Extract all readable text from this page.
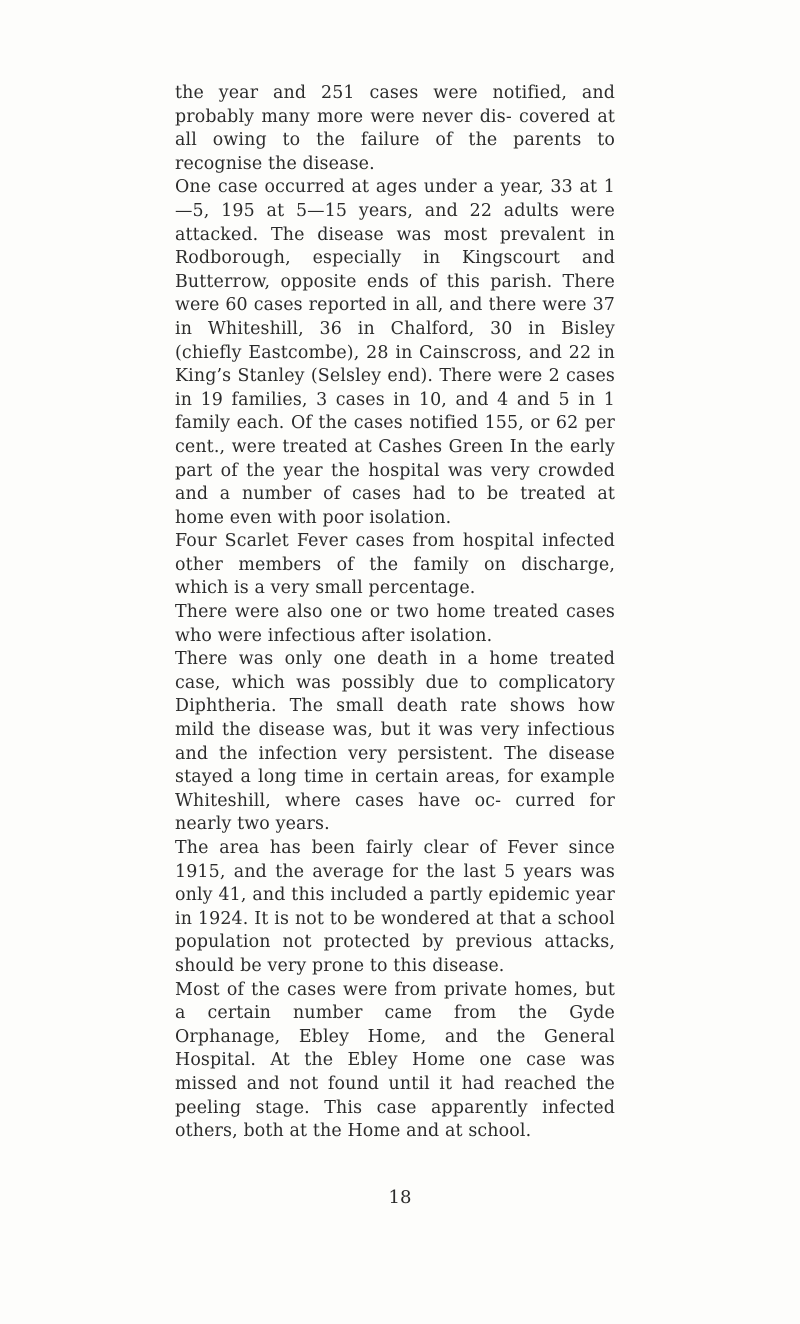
the year and 251 cases were notified, and probably many more were never dis- covered at all owing to the failure of the parents to recognise the disease.

One case occurred at ages under a year, 33 at 1—5, 195 at 5—15 years, and 22 adults were attacked. The disease was most prevalent in Rodborough, especially in Kingscourt and Butterrow, opposite ends of this parish. There were 60 cases reported in all, and there were 37 in Whiteshill, 36 in Chalford, 30 in Bisley (chiefly Eastcombe), 28 in Cainscross, and 22 in King’s Stanley (Selsley end). There were 2 cases in 19 families, 3 cases in 10, and 4 and 5 in 1 family each. Of the cases notified 155, or 62 per cent., were treated at Cashes Green In the early part of the year the hospital was very crowded and a number of cases had to be treated at home even with poor isolation.

Four Scarlet Fever cases from hospital infected other members of the family on discharge, which is a very small percentage.

There were also one or two home treated cases who were infectious after isolation.

There was only one death in a home treated case, which was possibly due to complicatory Diphtheria. The small death rate shows how mild the disease was, but it was very infectious and the infection very persistent. The disease stayed a long time in certain areas, for example Whiteshill, where cases have oc- curred for nearly two years.

The area has been fairly clear of Fever since 1915, and the average for the last 5 years was only 41, and this included a partly epidemic year in 1924. It is not to be wondered at that a school population not protected by previous attacks, should be very prone to this disease.

Most of the cases were from private homes, but a certain number came from the Gyde Orphanage, Ebley Home, and the General Hospital. At the Ebley Home one case was missed and not found until it had reached the peeling stage. This case apparently infected others, both at the Home and at school.

18
